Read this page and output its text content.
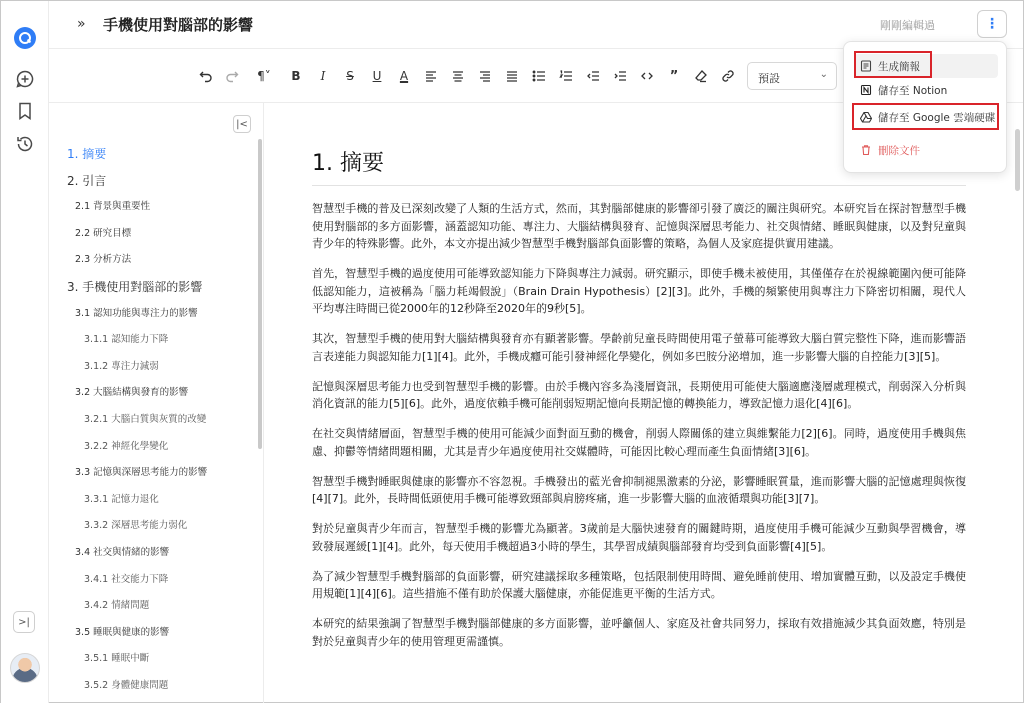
>|
» 手機使用對腦部的影響	剛剛編輯過	⋮
¶˅	B	I	S	U	A	”	預設	⌄
|<
1. 摘要
2. 引言
2.1 背景與重要性
2.2 研究目標
2.3 分析方法
3. 手機使用對腦部的影響
3.1 認知功能與專注力的影響
3.1.1 認知能力下降
3.1.2 專注力減弱
3.2 大腦結構與發育的影響
3.2.1 大腦白質與灰質的改變
3.2.2 神經化學變化
3.3 記憶與深層思考能力的影響
3.3.1 記憶力退化
3.3.2 深層思考能力弱化
3.4 社交與情緒的影響
3.4.1 社交能力下降
3.4.2 情緒問題
3.5 睡眠與健康的影響
3.5.1 睡眠中斷
3.5.2 身體健康問題
1. 摘要

智慧型手機的普及已深刻改變了人類的生活方式，然而，其對腦部健康的影響卻引發了廣泛的關注與研究。本研究旨在探討智慧型手機使用對腦部的多方面影響，涵蓋認知功能、專注力、大腦結構與發育、記憶與深層思考能力、社交與情緒、睡眠與健康，以及對兒童與青少年的特殊影響。此外，本文亦提出減少智慧型手機對腦部負面影響的策略，為個人及家庭提供實用建議。

首先，智慧型手機的過度使用可能導致認知能力下降與專注力減弱。研究顯示，即使手機未被使用，其僅僅存在於視線範圍內便可能降低認知能力，這被稱為「腦力耗竭假說」（Brain Drain Hypothesis）[2][3]。此外，手機的頻繁使用與專注力下降密切相關，現代人平均專注時間已從2000年的12秒降至2020年的9秒[5]。

其次，智慧型手機的使用對大腦結構與發育亦有顯著影響。學齡前兒童長時間使用電子螢幕可能導致大腦白質完整性下降，進而影響語言表達能力與認知能力[1][4]。此外，手機成癮可能引發神經化學變化，例如多巴胺分泌增加，進一步影響大腦的自控能力[3][5]。

記憶與深層思考能力也受到智慧型手機的影響。由於手機內容多為淺層資訊，長期使用可能使大腦適應淺層處理模式，削弱深入分析與消化資訊的能力[5][6]。此外，過度依賴手機可能削弱短期記憶向長期記憶的轉換能力，導致記憶力退化[4][6]。

在社交與情緒層面，智慧型手機的使用可能減少面對面互動的機會，削弱人際關係的建立與維繫能力[2][6]。同時，過度使用手機與焦慮、抑鬱等情緒問題相關，尤其是青少年過度使用社交媒體時，可能因比較心理而產生負面情緒[3][6]。

智慧型手機對睡眠與健康的影響亦不容忽視。手機發出的藍光會抑制褪黑激素的分泌，影響睡眠質量，進而影響大腦的記憶處理與恢復[4][7]。此外，長時間低頭使用手機可能導致頸部與肩膀疼痛，進一步影響大腦的血液循環與功能[3][7]。

對於兒童與青少年而言，智慧型手機的影響尤為顯著。3歲前是大腦快速發育的關鍵時期，過度使用手機可能減少互動與學習機會，導致發展遲緩[1][4]。此外，每天使用手機超過3小時的學生，其學習成績與腦部發育均受到負面影響[4][5]。

為了減少智慧型手機對腦部的負面影響，研究建議採取多種策略，包括限制使用時間、避免睡前使用、增加實體互動，以及設定手機使用規範[1][4][6]。這些措施不僅有助於保護大腦健康，亦能促進更平衡的生活方式。

本研究的結果強調了智慧型手機對腦部健康的多方面影響，並呼籲個人、家庭及社會共同努力，採取有效措施減少其負面效應，特別是對於兒童與青少年的使用管理更需謹慎。

生成簡報
儲存至 Notion
儲存至 Google 雲端硬碟
刪除文件
